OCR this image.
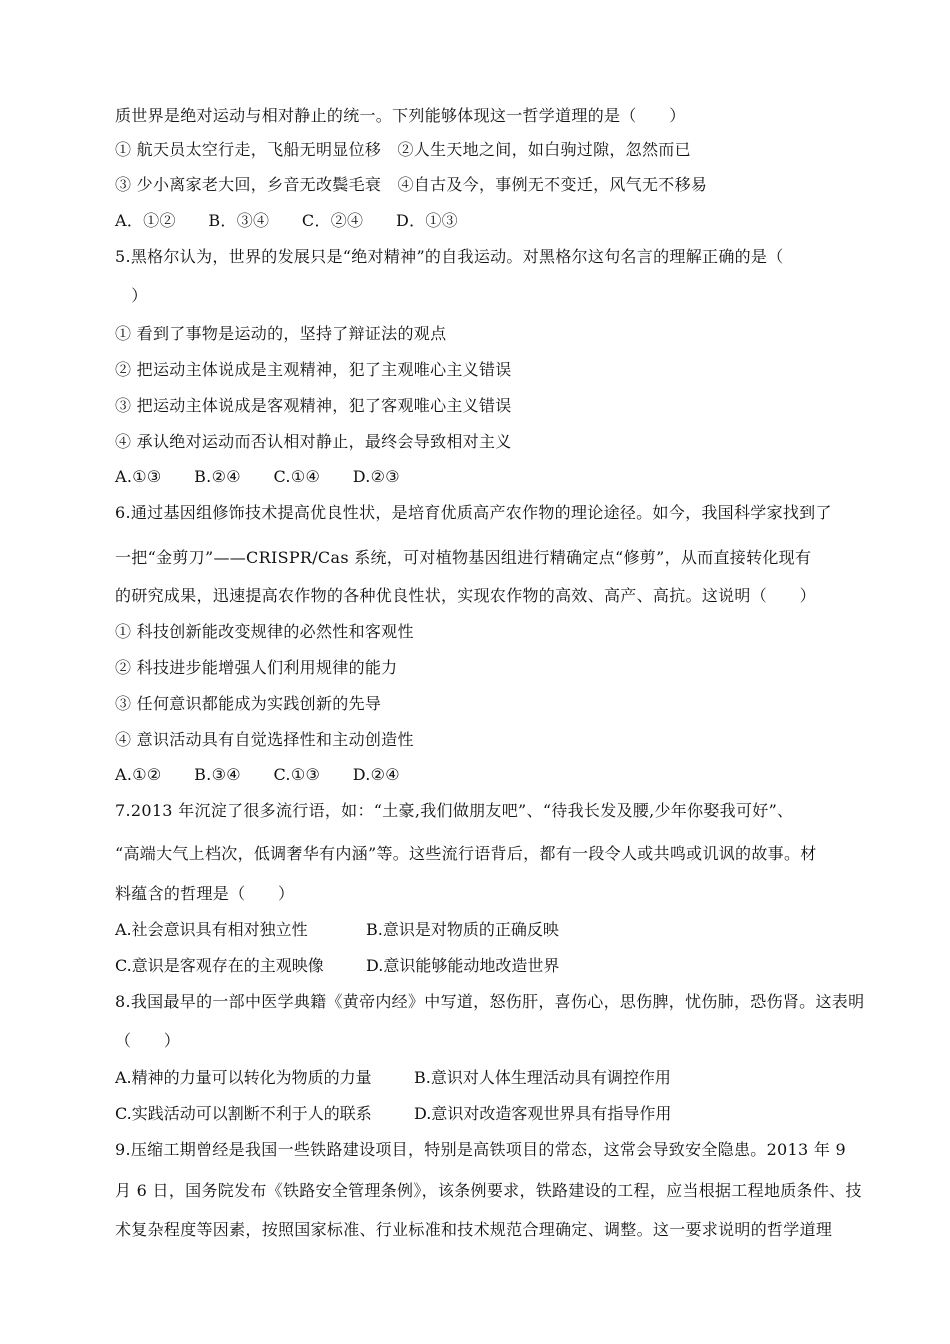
质世界是绝对运动与相对静止的统一。下列能够体现这一哲学道理的是（　　）
① 航天员太空行走，飞船无明显位移　②人生天地之间，如白驹过隙，忽然而已
③ 少小离家老大回，乡音无改鬓毛衰　④自古及今，事例无不变迁，风气无不移易
A．①②　　B．③④　　C．②④　　D．①③
5.黑格尔认为，世界的发展只是“绝对精神”的自我运动。对黑格尔这句名言的理解正确的是（
　）
① 看到了事物是运动的，坚持了辩证法的观点
② 把运动主体说成是主观精神，犯了主观唯心主义错误
③ 把运动主体说成是客观精神，犯了客观唯心主义错误
④ 承认绝对运动而否认相对静止，最终会导致相对主义
A.①③　　B.②④　　C.①④　　D.②③
6.通过基因组修饰技术提高优良性状，是培育优质高产农作物的理论途径。如今，我国科学家找到了
一把“金剪刀”——CRISPR/Cas 系统，可对植物基因组进行精确定点“修剪”，从而直接转化现有
的研究成果，迅速提高农作物的各种优良性状，实现农作物的高效、高产、高抗。这说明（　　）
① 科技创新能改变规律的必然性和客观性
② 科技进步能增强人们利用规律的能力
③ 任何意识都能成为实践创新的先导
④ 意识活动具有自觉选择性和主动创造性
A.①②　　B.③④　　C.①③　　D.②④
7.2013 年沉淀了很多流行语，如：“土豪,我们做朋友吧”、“待我长发及腰,少年你娶我可好”、
“高端大气上档次，低调奢华有内涵”等。这些流行语背后，都有一段令人或共鸣或讥讽的故事。材
料蕴含的哲理是（　　）
A.社会意识具有相对独立性	B.意识是对物质的正确反映
C.意识是客观存在的主观映像	D.意识能够能动地改造世界
8.我国最早的一部中医学典籍《黄帝内经》中写道，怒伤肝，喜伤心，思伤脾，忧伤肺，恐伤肾。这表明
（　　）
A.精神的力量可以转化为物质的力量	B.意识对人体生理活动具有调控作用
C.实践活动可以割断不利于人的联系	D.意识对改造客观世界具有指导作用
9.压缩工期曾经是我国一些铁路建设项目，特别是高铁项目的常态，这常会导致安全隐患。2013 年 9
月 6 日，国务院发布《铁路安全管理条例》，该条例要求，铁路建设的工程，应当根据工程地质条件、技
术复杂程度等因素，按照国家标准、行业标准和技术规范合理确定、调整。这一要求说明的哲学道理
